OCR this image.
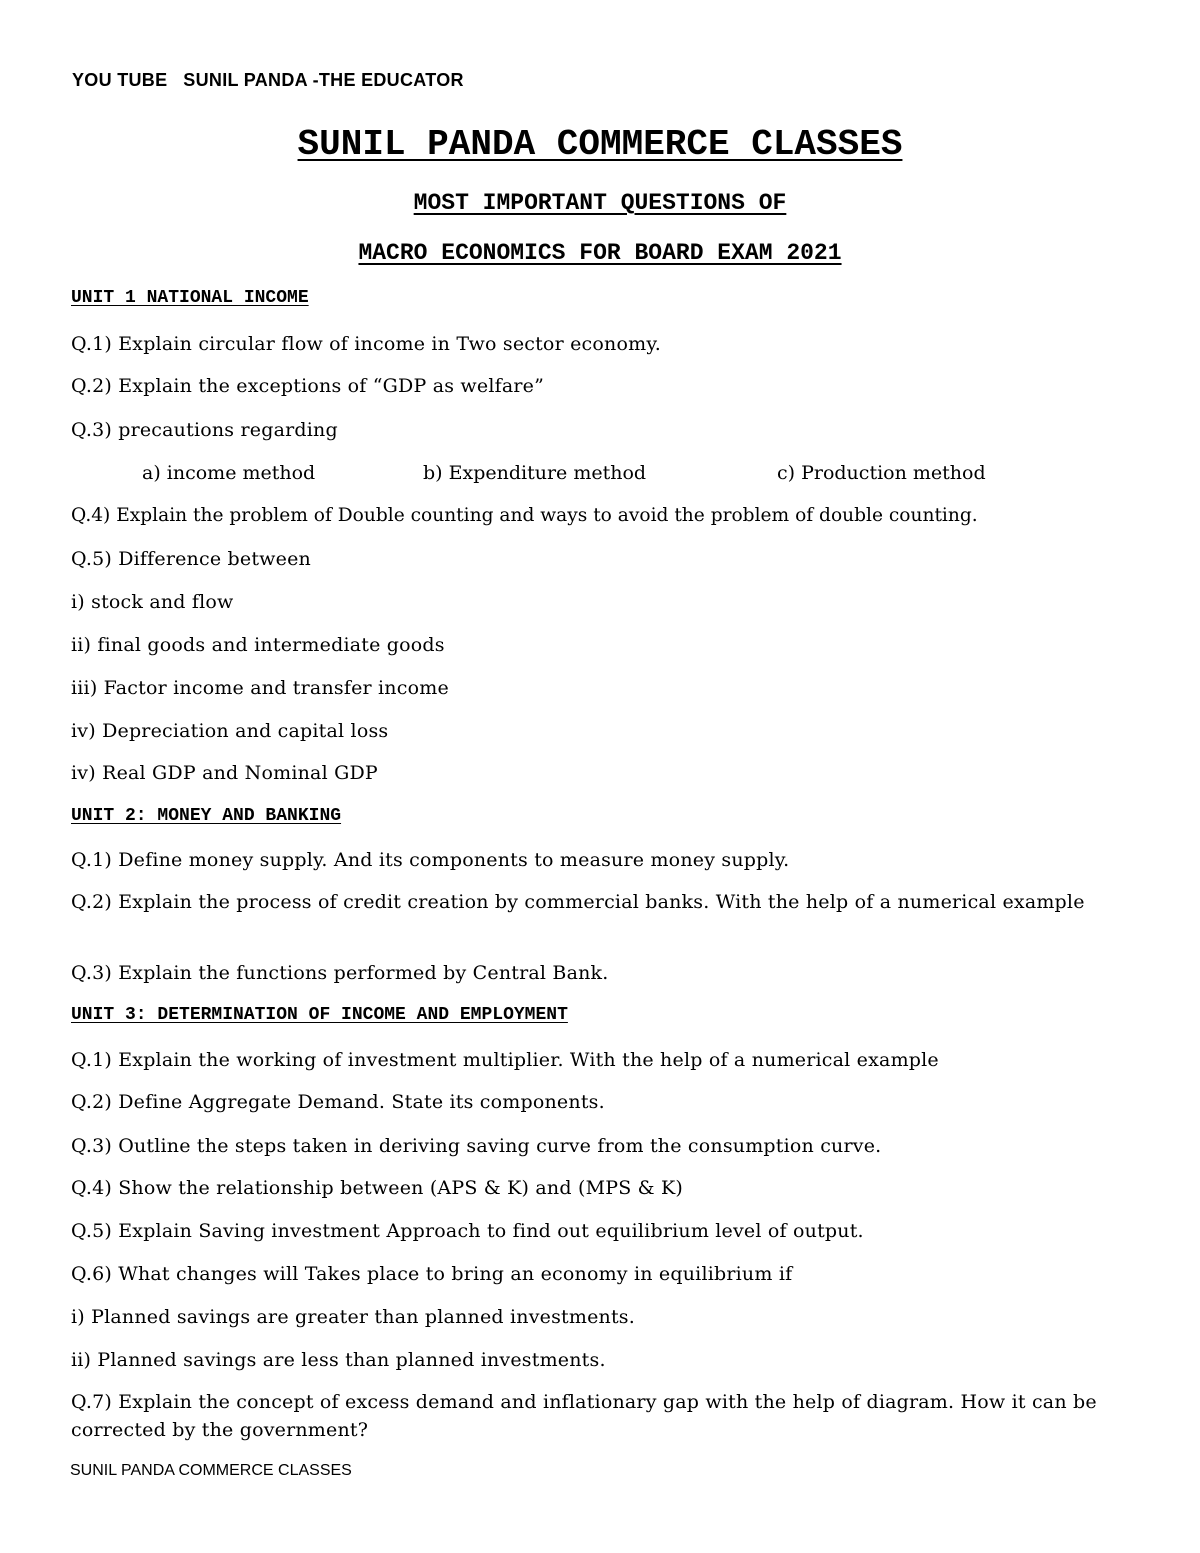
YOU TUBE   SUNIL PANDA -THE EDUCATOR
SUNIL PANDA COMMERCE CLASSES
MOST IMPORTANT QUESTIONS OF
MACRO ECONOMICS FOR BOARD EXAM 2021
UNIT 1 NATIONAL INCOME
Q.1) Explain circular flow of income in Two sector economy.
Q.2) Explain the exceptions of “GDP as welfare”
Q.3) precautions regarding
a) income method	b) Expenditure method	c) Production method
Q.4) Explain the problem of Double counting and ways to avoid the problem of double counting.
Q.5) Difference between
i) stock and flow
ii) final goods and intermediate goods
iii) Factor income and transfer income
iv) Depreciation and capital loss
iv) Real GDP and Nominal GDP
UNIT 2: MONEY AND BANKING
Q.1) Define money supply. And its components to measure money supply.
Q.2) Explain the process of credit creation by commercial banks. With the help of a numerical example
Q.3) Explain the functions performed by Central Bank.
UNIT 3: DETERMINATION OF INCOME AND EMPLOYMENT
Q.1) Explain the working of investment multiplier. With the help of a numerical example
Q.2) Define Aggregate Demand. State its components.
Q.3) Outline the steps taken in deriving saving curve from the consumption curve.
Q.4) Show the relationship between (APS & K) and (MPS & K)
Q.5) Explain Saving investment Approach to find out equilibrium level of output.
Q.6) What changes will Takes place to bring an economy in equilibrium if
i) Planned savings are greater than planned investments.
ii) Planned savings are less than planned investments.
Q.7) Explain the concept of excess demand and inflationary gap with the help of diagram. How it can be corrected by the government?
SUNIL PANDA COMMERCE CLASSES
